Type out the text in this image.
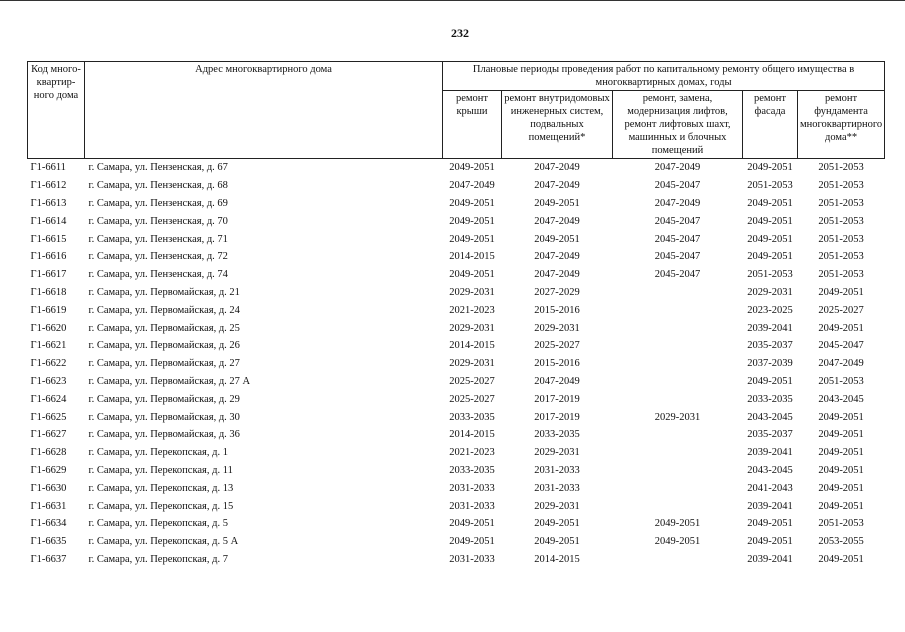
232
Код много-квартир-ного дома	Адрес многоквартирного дома	Плановые периоды проведения работ по капитальному ремонту общего имущества в многоквартирных домах, годы				
		ремонт крыши	ремонт внутридомовых инженерных систем, подвальных помещений*	ремонт, замена, модернизация лифтов, ремонт лифтовых шахт, машинных и блочных помещений	ремонт фасада	ремонт фундамента многоквартирного дома**
Г1-6611	г. Самара, ул. Пензенская, д. 67	2049-2051	2047-2049	2047-2049	2049-2051	2051-2053
Г1-6612	г. Самара, ул. Пензенская, д. 68	2047-2049	2047-2049	2045-2047	2051-2053	2051-2053
Г1-6613	г. Самара, ул. Пензенская, д. 69	2049-2051	2049-2051	2047-2049	2049-2051	2051-2053
Г1-6614	г. Самара, ул. Пензенская, д. 70	2049-2051	2047-2049	2045-2047	2049-2051	2051-2053
Г1-6615	г. Самара, ул. Пензенская, д. 71	2049-2051	2049-2051	2045-2047	2049-2051	2051-2053
Г1-6616	г. Самара, ул. Пензенская, д. 72	2014-2015	2047-2049	2045-2047	2049-2051	2051-2053
Г1-6617	г. Самара, ул. Пензенская, д. 74	2049-2051	2047-2049	2045-2047	2051-2053	2051-2053
Г1-6618	г. Самара, ул. Первомайская, д. 21	2029-2031	2027-2029		2029-2031	2049-2051
Г1-6619	г. Самара, ул. Первомайская, д. 24	2021-2023	2015-2016		2023-2025	2025-2027
Г1-6620	г. Самара, ул. Первомайская, д. 25	2029-2031	2029-2031		2039-2041	2049-2051
Г1-6621	г. Самара, ул. Первомайская, д. 26	2014-2015	2025-2027		2035-2037	2045-2047
Г1-6622	г. Самара, ул. Первомайская, д. 27	2029-2031	2015-2016		2037-2039	2047-2049
Г1-6623	г. Самара, ул. Первомайская, д. 27 А	2025-2027	2047-2049		2049-2051	2051-2053
Г1-6624	г. Самара, ул. Первомайская, д. 29	2025-2027	2017-2019		2033-2035	2043-2045
Г1-6625	г. Самара, ул. Первомайская, д. 30	2033-2035	2017-2019	2029-2031	2043-2045	2049-2051
Г1-6627	г. Самара, ул. Первомайская, д. 36	2014-2015	2033-2035		2035-2037	2049-2051
Г1-6628	г. Самара, ул. Перекопская, д. 1	2021-2023	2029-2031		2039-2041	2049-2051
Г1-6629	г. Самара, ул. Перекопская, д. 11	2033-2035	2031-2033		2043-2045	2049-2051
Г1-6630	г. Самара, ул. Перекопская, д. 13	2031-2033	2031-2033		2041-2043	2049-2051
Г1-6631	г. Самара, ул. Перекопская, д. 15	2031-2033	2029-2031		2039-2041	2049-2051
Г1-6634	г. Самара, ул. Перекопская, д. 5	2049-2051	2049-2051	2049-2051	2049-2051	2051-2053
Г1-6635	г. Самара, ул. Перекопская, д. 5 А	2049-2051	2049-2051	2049-2051	2049-2051	2053-2055
Г1-6637	г. Самара, ул. Перекопская, д. 7	2031-2033	2014-2015		2039-2041	2049-2051
